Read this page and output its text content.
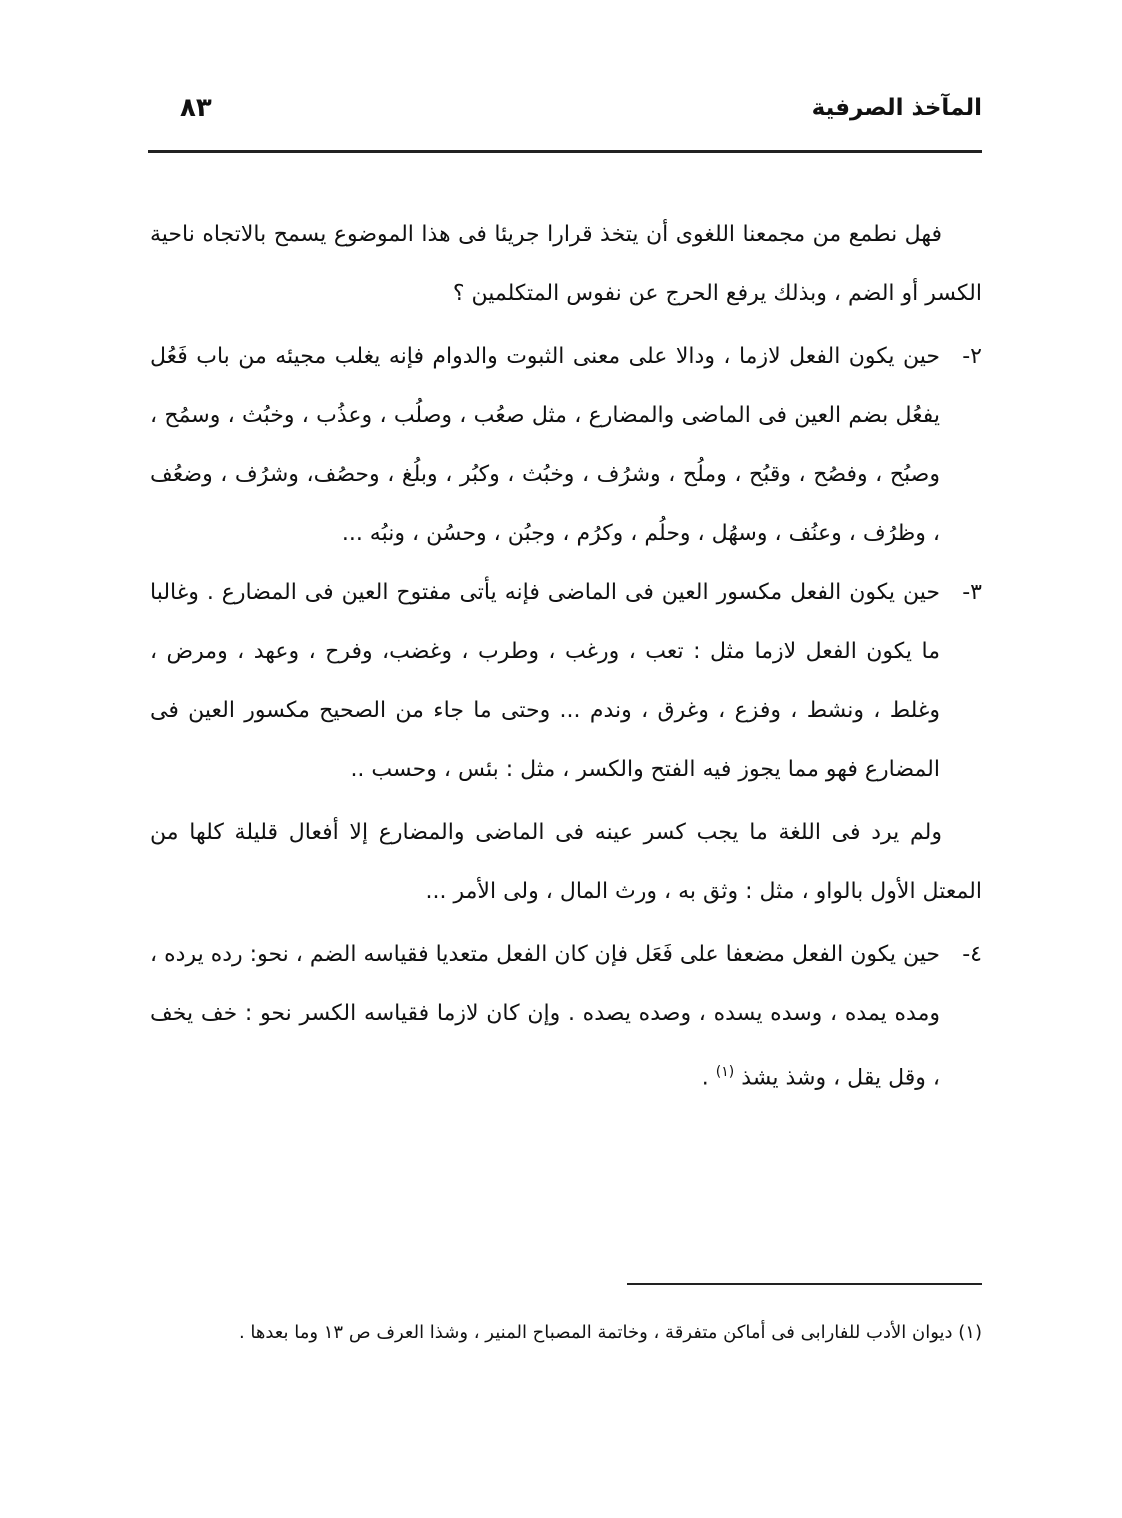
المآخذ الصرفية
٨٣

فهل نطمع من مجمعنا اللغوى أن يتخذ قرارا جريئا فى هذا الموضوع يسمح بالاتجاه ناحية الكسر أو الضم ، وبذلك يرفع الحرج عن نفوس المتكلمين ؟

٢-

حين يكون الفعل لازما ، ودالا على معنى الثبوت والدوام فإنه يغلب مجيئه من باب فَعُل يفعُل بضم العين فى الماضى والمضارع ، مثل صعُب ، وصلُب ، وعذُب ، وخبُث ، وسمُح ، وصبُح ، وفصُح ، وقبُح ، وملُح ، وشرُف ، وخبُث ، وكبُر ، وبلُغ ، وحصُف، وشرُف ، وضعُف ، وظرُف ، وعنُف ، وسهُل ، وحلُم ، وكرُم ، وجبُن ، وحسُن ، ونبُه ...

٣-

حين يكون الفعل مكسور العين فى الماضى فإنه يأتى مفتوح العين فى المضارع . وغالبا ما يكون الفعل لازما مثل : تعب ، ورغب ، وطرب ، وغضب، وفرح ، وعهد ، ومرض ، وغلط ، ونشط ، وفزع ، وغرق ، وندم ... وحتى ما جاء من الصحيح مكسور العين فى المضارع فهو مما يجوز فيه الفتح والكسر ، مثل : بئس ، وحسب ..

ولم يرد فى اللغة ما يجب كسر عينه فى الماضى والمضارع إلا أفعال قليلة كلها من المعتل الأول بالواو ، مثل : وثق به ، ورث المال ، ولى الأمر ...

٤-

حين يكون الفعل مضعفا على فَعَل فإن كان الفعل متعديا فقياسه الضم ، نحو: رده يرده ، ومده يمده ، وسده يسده ، وصده يصده . وإن كان لازما فقياسه الكسر نحو : خف يخف ، وقل يقل ، وشذ يشذ $^{(١)}$ .

(١) ديوان الأدب للفارابى فى أماكن متفرقة ، وخاتمة المصباح المنير ، وشذا العرف ص ١٣ وما بعدها .
